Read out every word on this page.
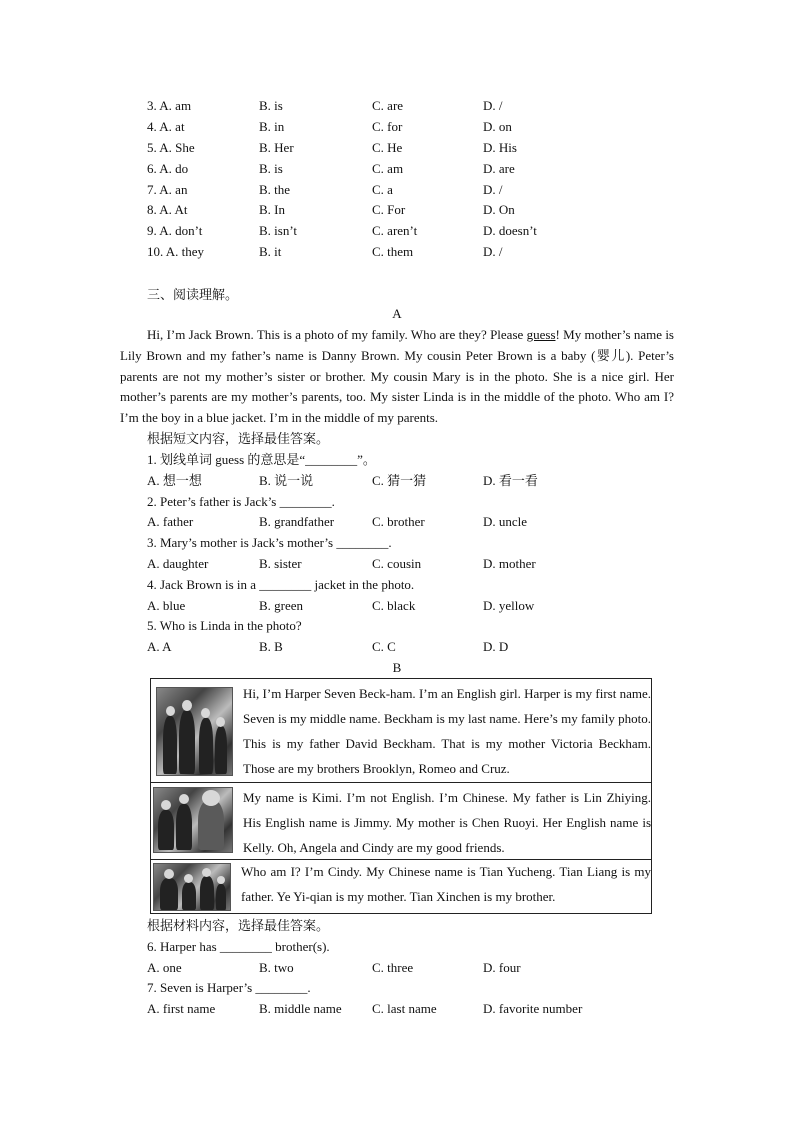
3. A. am	B. is	C. are	D. /
4. A. at	B. in	C. for	D. on
5. A. She	B. Her	C. He	D. His
6. A. do	B. is	C. am	D. are
7. A. an	B. the	C. a	D. /
8. A. At	B. In	C. For	D. On
9. A. don’t	B. isn’t	C. aren’t	D. doesn’t
10. A. they	B. it	C. them	D. /
三、阅读理解。
A
Hi, I’m Jack Brown. This is a photo of my family. Who are they? Please guess! My mother’s name is Lily Brown and my father’s name is Danny Brown. My cousin Peter Brown is a baby (婴儿). Peter’s parents are not my mother’s sister or brother. My cousin Mary is in the photo. She is a nice girl. Her mother’s parents are my mother’s parents, too. My sister Linda is in the middle of the photo. Who am I? I’m the boy in a blue jacket. I’m in the middle of my parents.
根据短文内容，选择最佳答案。
1. 划线单词 guess 的意思是“________”。
A. 想一想	B. 说一说	C. 猜一猜	D. 看一看
2. Peter’s father is Jack’s ________.
A. father	B. grandfather	C. brother	D. uncle
3. Mary’s mother is Jack’s mother’s ________.
A. daughter	B. sister	C. cousin	D. mother
4. Jack Brown is in a ________ jacket in the photo.
A. blue	B. green	C. black	D. yellow
5. Who is Linda in the photo?
A. A	B. B	C. C	D. D
B
Hi, I’m Harper Seven Beck-ham. I’m an English girl. Harper is my first name. Seven is my middle name. Beckham is my last name. Here’s my family photo. This is my father David Beckham. That is my mother Victoria Beckham. Those are my brothers Brooklyn, Romeo and Cruz.
My name is Kimi. I’m not English. I’m Chinese. My father is Lin Zhiying. His English name is Jimmy. My mother is Chen Ruoyi. Her English name is Kelly. Oh, Angela and Cindy are my good friends.
Who am I? I’m Cindy. My Chinese name is Tian Yucheng. Tian Liang is my father. Ye Yi-qian is my mother. Tian Xinchen is my brother.
根据材料内容，选择最佳答案。
6. Harper has ________ brother(s).
A. one	B. two	C. three	D. four
7. Seven is Harper’s ________.
A. first name	B. middle name C. last name	D. favorite number
